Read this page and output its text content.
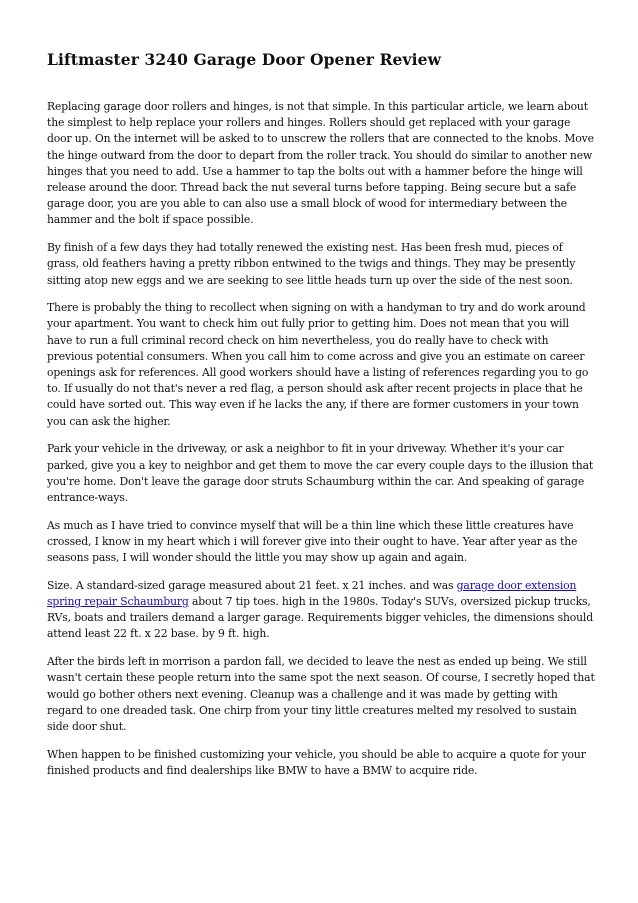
Liftmaster 3240 Garage Door Opener Review

Replacing garage door rollers and hinges, is not that simple. In this particular article, we learn about the simplest to help replace your rollers and hinges. Rollers should get replaced with your garage door up. On the internet will be asked to to unscrew the rollers that are connected to the knobs. Move the hinge outward from the door to depart from the roller track. You should do similar to another new hinges that you need to add. Use a hammer to tap the bolts out with a hammer before the hinge will release around the door. Thread back the nut several turns before tapping. Being secure but a safe garage door, you are you able to can also use a small block of wood for intermediary between the hammer and the bolt if space possible.

By finish of a few days they had totally renewed the existing nest. Has been fresh mud, pieces of grass, old feathers having a pretty ribbon entwined to the twigs and things. They may be presently sitting atop new eggs and we are seeking to see little heads turn up over the side of the nest soon.

There is probably the thing to recollect when signing on with a handyman to try and do work around your apartment. You want to check him out fully prior to getting him. Does not mean that you will have to run a full criminal record check on him nevertheless, you do really have to check with previous potential consumers. When you call him to come across and give you an estimate on career openings ask for references. All good workers should have a listing of references regarding you to go to. If usually do not that's never a red flag, a person should ask after recent projects in place that he could have sorted out. This way even if he lacks the any, if there are former customers in your town you can ask the higher.

Park your vehicle in the driveway, or ask a neighbor to fit in your driveway. Whether it's your car parked, give you a key to neighbor and get them to move the car every couple days to the illusion that you're home. Don't leave the garage door struts Schaumburg within the car. And speaking of garage entrance-ways.

As much as I have tried to convince myself that will be a thin line which these little creatures have crossed, I know in my heart which i will forever give into their ought to have. Year after year as the seasons pass, I will wonder should the little you may show up again and again.

Size. A standard-sized garage measured about 21 feet. x 21 inches. and was garage door extension spring repair Schaumburg about 7 tip toes. high in the 1980s. Today's SUVs, oversized pickup trucks, RVs, boats and trailers demand a larger garage. Requirements bigger vehicles, the dimensions should attend least 22 ft. x 22 base. by 9 ft. high.

After the birds left in morrison a pardon fall, we decided to leave the nest as ended up being. We still wasn't certain these people return into the same spot the next season. Of course, I secretly hoped that would go bother others next evening. Cleanup was a challenge and it was made by getting with regard to one dreaded task. One chirp from your tiny little creatures melted my resolved to sustain side door shut.

When happen to be finished customizing your vehicle, you should be able to acquire a quote for your finished products and find dealerships like BMW to have a BMW to acquire ride.
